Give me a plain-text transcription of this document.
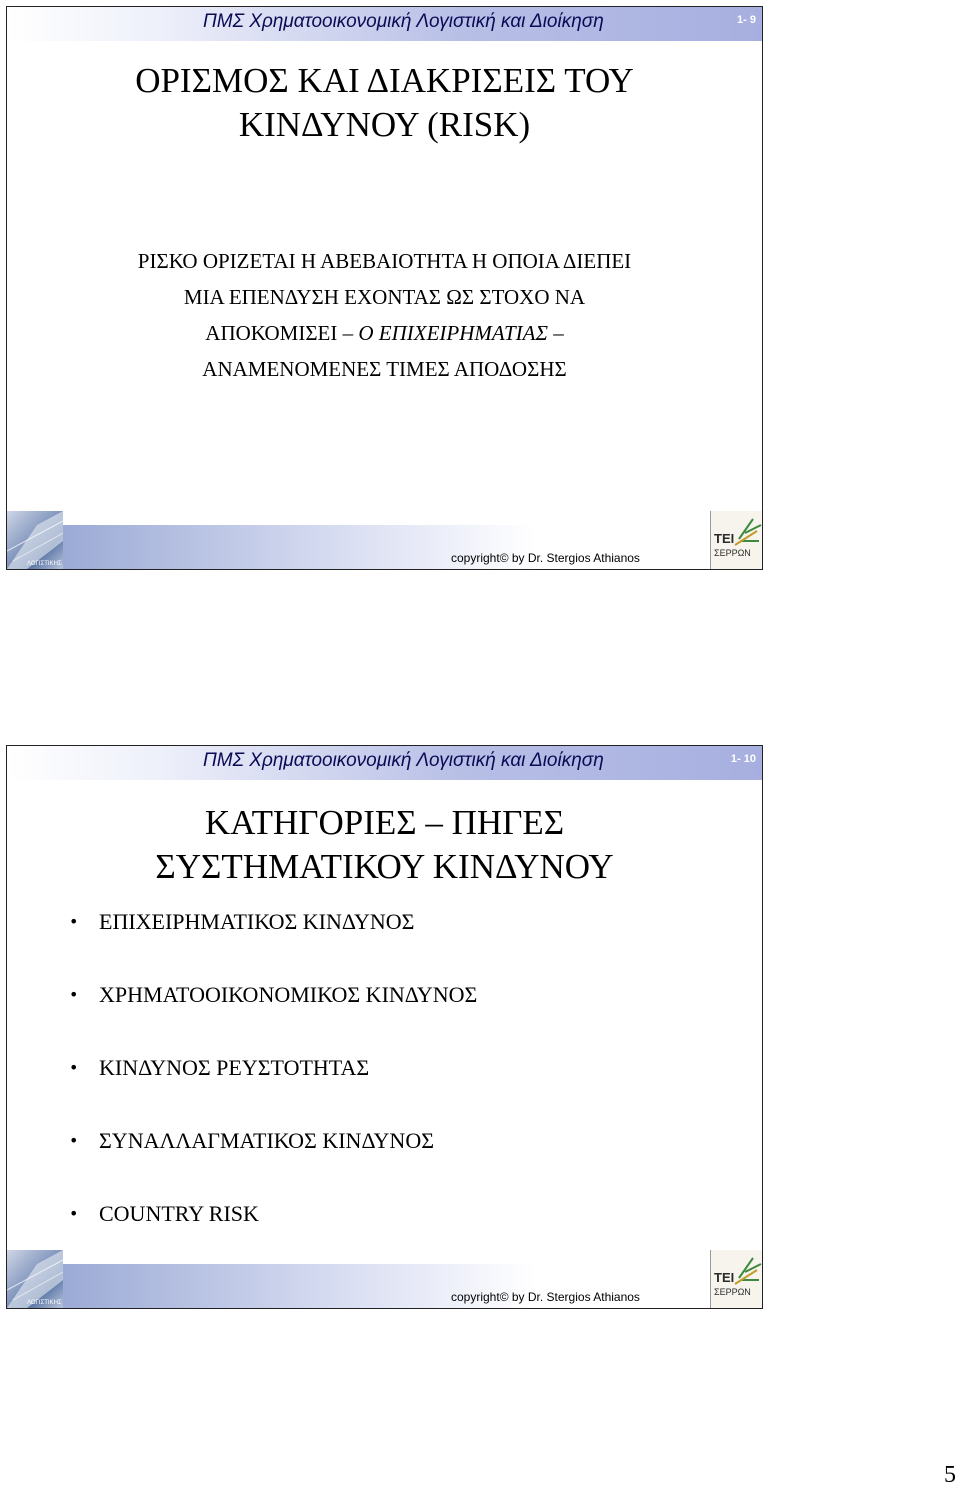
ΠΜΣ Χρηματοοικονομική Λογιστική και Διοίκηση	1- 9
ΟΡΙΣΜΟΣ ΚΑΙ ΔΙΑΚΡΙΣΕΙΣ ΤΟΥ
ΚΙΝΔΥΝΟΥ (RISK)
ΡΙΣΚΟ ΟΡΙΖΕΤΑΙ Η ΑΒΕΒΑΙΟΤΗΤΑ Η ΟΠΟΙΑ ΔΙΕΠΕΙ
ΜΙΑ ΕΠΕΝΔΥΣΗ ΕΧΟΝΤΑΣ ΩΣ ΣΤΟΧΟ ΝΑ
ΑΠΟΚΟΜΙΣΕΙ – Ο ΕΠΙΧΕΙΡΗΜΑΤΙΑΣ –
ΑΝΑΜΕΝΟΜΕΝΕΣ ΤΙΜΕΣ ΑΠΟΔΟΣΗΣ
copyright© by Dr. Stergios Athianos
ΛΟΓΙΣΤΙΚΗΣ
ΤΕΙ
ΣΕΡΡΩΝ
ΠΜΣ Χρηματοοικονομική Λογιστική και Διοίκηση	1- 10
ΚΑΤΗΓΟΡΙΕΣ – ΠΗΓΕΣ
ΣΥΣΤΗΜΑΤΙΚΟΥ ΚΙΝΔΥΝΟΥ
• ΕΠΙΧΕΙΡΗΜΑΤΙΚΟΣ ΚΙΝΔΥΝΟΣ
• ΧΡΗΜΑΤΟΟΙΚΟΝΟΜΙΚΟΣ ΚΙΝΔΥΝΟΣ
• ΚΙΝΔΥΝΟΣ ΡΕΥΣΤΟΤΗΤΑΣ
• ΣΥΝΑΛΛΑΓΜΑΤΙΚΟΣ ΚΙΝΔΥΝΟΣ
• COUNTRY RISK
copyright© by Dr. Stergios Athianos
ΛΟΓΙΣΤΙΚΗΣ
ΤΕΙ
ΣΕΡΡΩΝ
5
